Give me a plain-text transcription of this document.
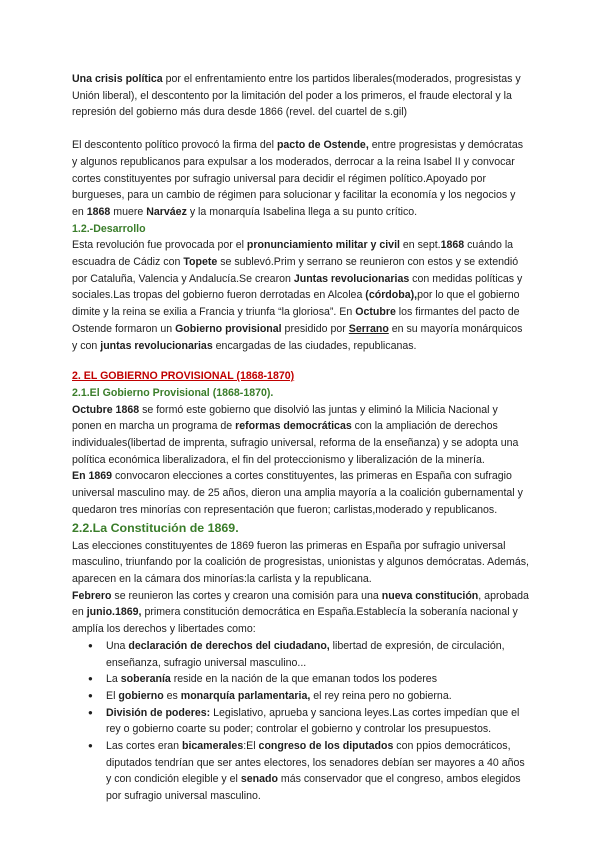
Una crisis política por el enfrentamiento entre los partidos liberales(moderados, progresistas y Unión liberal), el descontento por la limitación del poder a los primeros, el fraude electoral y la represión del gobierno más dura desde 1866 (revel. del cuartel de s.gil)

El descontento político provocó la firma del pacto de Ostende, entre progresistas y demócratas y algunos republicanos para expulsar a los moderados, derrocar a la reina Isabel II y convocar cortes constituyentes por sufragio universal para decidir el régimen político.Apoyado por burgueses, para un cambio de régimen para solucionar y facilitar la economía y los negocios y en 1868 muere Narváez y la monarquía Isabelina llega a su punto crítico.

1.2.-Desarrollo

Esta revolución fue provocada por el pronunciamiento militar y civil en sept.1868 cuándo la escuadra de Cádiz con Topete se sublevó.Prim y serrano se reunieron con estos y se extendió por Cataluña, Valencia y Andalucía.Se crearon Juntas revolucionarias con medidas políticas y sociales.Las tropas del gobierno fueron derrotadas en Alcolea (córdoba),por lo que el gobierno dimite y la reina se exilia a Francia y triunfa “la gloriosa”. En Octubre los firmantes del pacto de Ostende formaron un Gobierno provisional presidido por Serrano en su mayoría monárquicos y con juntas revolucionarias encargadas de las ciudades, republicanas.

2. EL GOBIERNO PROVISIONAL (1868-1870)

2.1.El Gobierno Provisional (1868-1870).

Octubre 1868 se formó este gobierno que disolvió las juntas y eliminó la Milicia Nacional y ponen en marcha un programa de reformas democráticas con la ampliación de derechos individuales(libertad de imprenta, sufragio universal, reforma de la enseñanza) y se adopta una política económica liberalizadora, el fin del proteccionismo y liberalización de la minería.

En 1869 convocaron elecciones a cortes constituyentes, las primeras en España con sufragio universal masculino may. de 25 años, dieron una amplia mayoría a la coalición gubernamental y quedaron tres minorías con representación que fueron; carlistas,moderado y republicanos.

2.2.La Constitución de 1869.

Las elecciones constituyentes de 1869 fueron las primeras en España por sufragio universal masculino, triunfando por la coalición de progresistas, unionistas y algunos demócratas. Además, aparecen en la cámara dos minorías:la carlista y la republicana.

Febrero se reunieron las cortes y crearon una comisión para una nueva constitución, aprobada en junio.1869, primera constitución democrática en España.Establecía la soberanía nacional y amplía los derechos y libertades como:

● Una declaración de derechos del ciudadano, libertad de expresión, de circulación, enseñanza, sufragio universal masculino...
● La soberanía reside en la nación de la que emanan todos los poderes
● El gobierno es monarquía parlamentaria, el rey reina pero no gobierna.
● División de poderes: Legislativo, aprueba y sanciona leyes.Las cortes impedían que el rey o gobierno coarte su poder; controlar el gobierno y controlar los presupuestos.
● Las cortes eran bicamerales:El congreso de los diputados con ppios democráticos, diputados tendrían que ser antes electores, los senadores debían ser mayores a 40 años y con condición elegible y el senado más conservador que el congreso, ambos elegidos por sufragio universal masculino.
